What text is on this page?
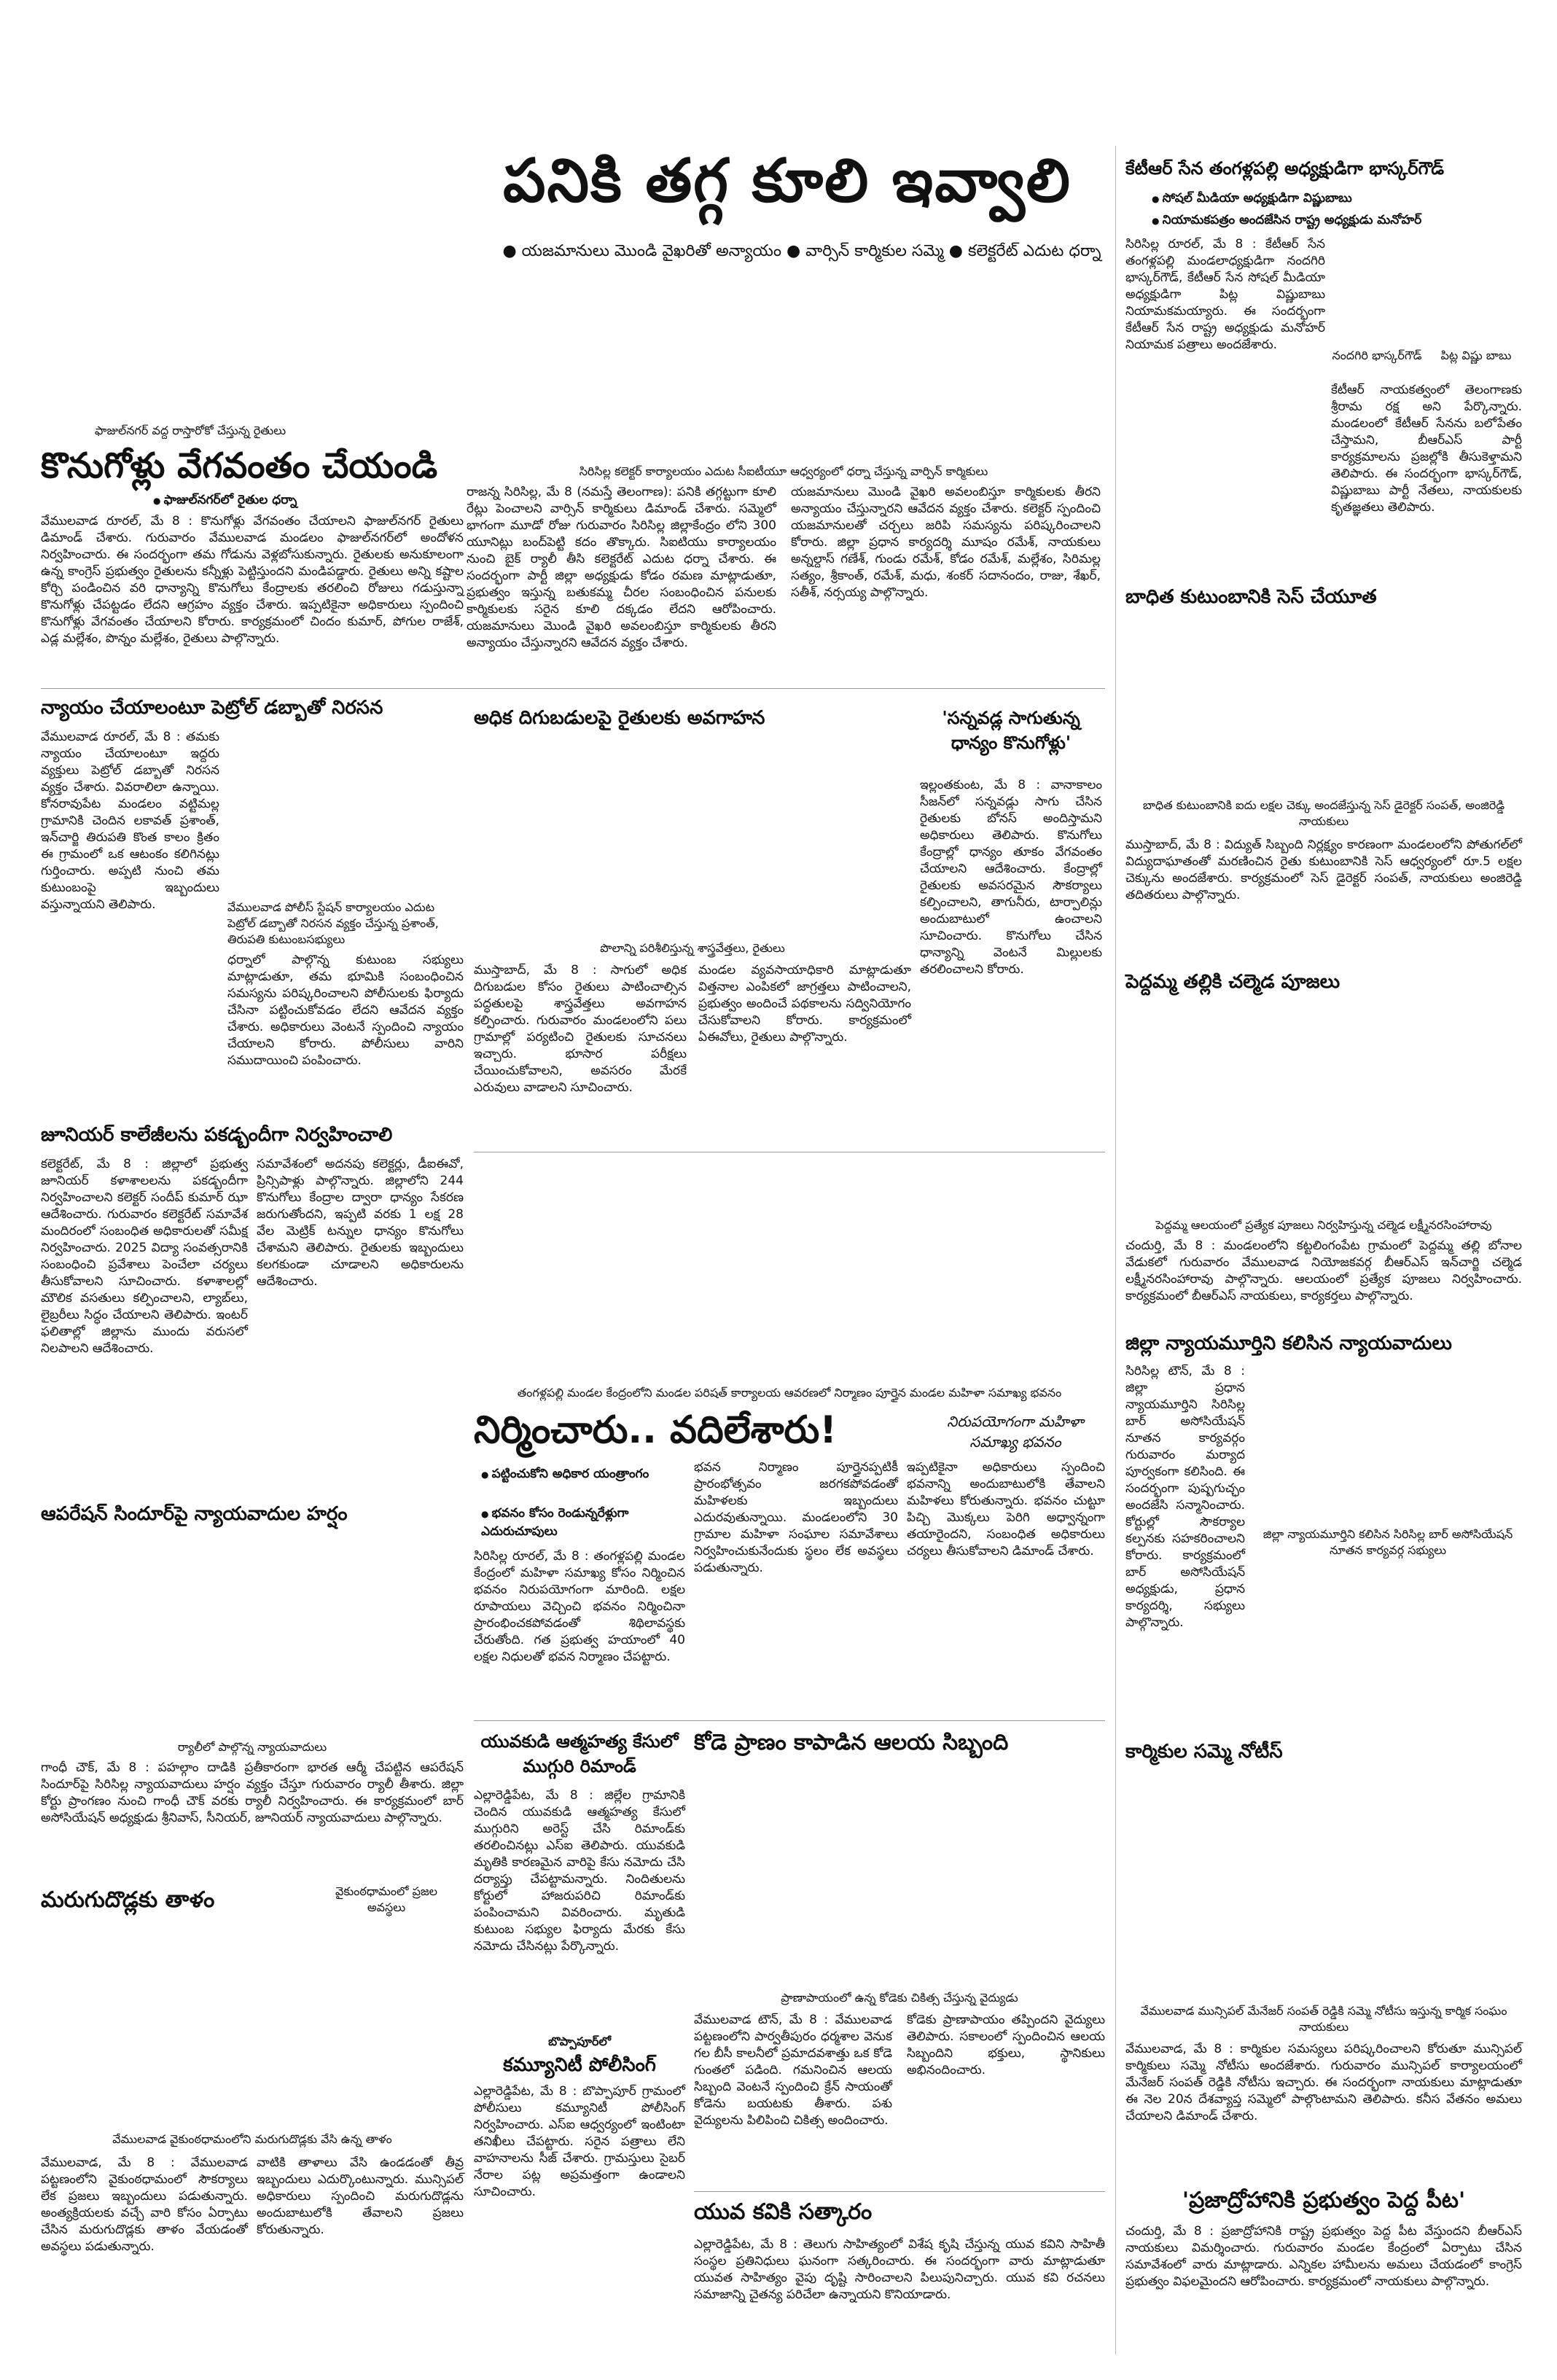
పనికి తగ్గ కూలి ఇవ్వాలి
● యజమానులు మొండి వైఖరితో అన్యాయం ● వార్సిన్ కార్మికుల సమ్మె ● కలెక్టరేట్ ఎదుట ధర్నా
సిరిసిల్ల కలెక్టర్ కార్యాలయం ఎదుట సీఐటీయూ ఆధ్వర్యంలో ధర్నా చేస్తున్న వార్పిన్ కార్మికులు
రాజన్న సిరిసిల్ల, మే 8 (నమస్తే తెలంగాణ): పనికి తగ్గట్టుగా కూలి రేట్లు పెంచాలని వార్సిన్ కార్మికులు డిమాండ్ చేశారు. సమ్మెలో భాగంగా మూడో రోజు గురువారం సిరిసిల్ల జిల్లాకేంద్రం లోని 300 యూనిట్లు బంద్‌పెట్టి కదం తొక్కారు. సిఐటియు కార్యాలయం నుంచి బైక్ ర్యాలీ తీసి కలెక్టరేట్ ఎదుట ధర్నా చేశారు. ఈ సందర్భంగా పార్టీ జిల్లా అధ్యక్షుడు కోడం రమణ మాట్లాడుతూ, ప్రభుత్వం ఇస్తున్న బతుకమ్మ చీరల సంబంధించిన పనులకు కార్మికులకు సరైన కూలి దక్కడం లేదని ఆరోపించారు. యజమానులు మొండి వైఖరి అవలంబిస్తూ కార్మికులకు తీరని అన్యాయం చేస్తున్నారని ఆవేదన వ్యక్తం చేశారు.
యజమానులు మొండి వైఖరి అవలంబిస్తూ కార్మికులకు తీరని అన్యాయం చేస్తున్నారని ఆవేదన వ్యక్తం చేశారు. కలెక్టర్ స్పందించి యజమానులతో చర్చలు జరిపి సమస్యను పరిష్కరించాలని కోరారు. జిల్లా ప్రధాన కార్యదర్శి మూషం రమేశ్, నాయకులు అన్నల్దాస్ గణేశ్, గుండు రమేశ్, కోడం రమేశ్, మల్లేశం, సిరిమల్ల సత్యం, శ్రీకాంత్, రమేశ్, మధు, శంకర్ సదానందం, రాజు, శేఖర్, సతీశ్, నర్సయ్య పాల్గొన్నారు.
ఫాజుల్‌నగర్‌ వద్ద రాస్తారోకో చేస్తున్న రైతులు
కొనుగోళ్లు వేగవంతం చేయండి
● ఫాజుల్‌నగర్‌లో రైతుల ధర్నా
వేములవాడ రూరల్, మే 8 : కొనుగోళ్లు వేగవంతం చేయాలని ఫాజుల్‌నగర్ రైతులు డిమాండ్ చేశారు. గురువారం వేములవాడ మండలం ఫాజుల్‌నగర్‌లో అందోళన నిర్వహించారు. ఈ సందర్భంగా తమ గోడును వెళ్లబోసుకున్నారు. రైతులకు అనుకూలంగా ఉన్న కాంగ్రెస్ ప్రభుత్వం రైతులను కన్నీళ్లు పెట్టిస్తుందని మండిపడ్డారు. రైతులు అన్ని కష్టాల కోర్చి పండించిన వరి ధాన్యాన్ని కొనుగోలు కేంద్రాలకు తరలించి రోజులు గడుస్తున్నా కొనుగోళ్లు చేపట్టడం లేదని ఆగ్రహం వ్యక్తం చేశారు. ఇప్పటికైనా అధికారులు స్పందించి కొనుగోళ్లు వేగవంతం చేయాలని కోరారు. కార్యక్రమంలో చిందం కుమార్, పోగుల రాజేశ్, ఎడ్ల మల్లేశం, పొన్నం మల్లేశం, రైతులు పాల్గొన్నారు.
న్యాయం చేయాలంటూ పెట్రోల్ డబ్బాతో నిరసన
వేములవాడ రూరల్, మే 8 : తమకు న్యాయం చేయాలంటూ ఇద్దరు వ్యక్తులు పెట్రోల్ డబ్బాతో నిరసన వ్యక్తం చేశారు. వివరాలిలా ఉన్నాయి. కోనరావుపేట మండలం వట్టిమల్ల గ్రామానికి చెందిన లకావత్ ప్రశాంత్, ఇన్‌చార్జి తిరుపతి కొంత కాలం క్రితం ఈ గ్రామంలో ఒక ఆటంకం కలిగినట్లు గుర్తించారు. అప్పటి నుంచి తమ కుటుంబంపై ఇబ్బందులు వస్తున్నాయని తెలిపారు.	వేములవాడ పోలీస్ స్టేషన్ కార్యాలయం ఎదుట పెట్రోల్ డబ్బాతో నిరసన వ్యక్తం చేస్తున్న ప్రశాంత్, తిరుపతి కుటుంబసభ్యులు
ధర్నాలో పాల్గొన్న కుటుంబ సభ్యులు మాట్లాడుతూ, తమ భూమికి సంబంధించిన సమస్యను పరిష్కరించాలని పోలీసులకు ఫిర్యాదు చేసినా పట్టించుకోవడం లేదని ఆవేదన వ్యక్తం చేశారు. అధికారులు వెంటనే స్పందించి న్యాయం చేయాలని కోరారు. పోలీసులు వారిని సముదాయించి పంపించారు.
జూనియర్ కాలేజీలను పకడ్బందీగా నిర్వహించాలి
కలెక్టరేట్, మే 8 : జిల్లాలో ప్రభుత్వ జూనియర్ కళాశాలలను పకడ్బందీగా నిర్వహించాలని కలెక్టర్ సందీప్ కుమార్ ఝా ఆదేశించారు. గురువారం కలెక్టరేట్ సమావేశ మందిరంలో సంబంధిత అధికారులతో సమీక్ష నిర్వహించారు. 2025 విద్యా సంవత్సరానికి సంబంధించి ప్రవేశాలు పెంచేలా చర్యలు తీసుకోవాలని సూచించారు. కళాశాలల్లో మౌలిక వసతులు కల్పించాలని, ల్యాబ్‌లు, లైబ్రరీలు సిద్ధం చేయాలని తెలిపారు. ఇంటర్ ఫలితాల్లో జిల్లాను ముందు వరుసలో నిలపాలని ఆదేశించారు.
సమావేశంలో అదనపు కలెక్టర్లు, డీఐఈవో, ప్రిన్సిపాళ్లు పాల్గొన్నారు. జిల్లాలోని 244 కొనుగోలు కేంద్రాల ద్వారా ధాన్యం సేకరణ జరుగుతోందని, ఇప్పటి వరకు 1 లక్ష 28 వేల మెట్రిక్ టన్నుల ధాన్యం కొనుగోలు చేశామని తెలిపారు. రైతులకు ఇబ్బందులు కలగకుండా చూడాలని అధికారులను ఆదేశించారు.
ఆపరేషన్ సిందూర్‌పై న్యాయవాదుల హర్షం
ర్యాలీలో పాల్గొన్న న్యాయవాదులు
గాంధీ చౌక్, మే 8 : పహల్గాం దాడికి ప్రతీకారంగా భారత ఆర్మీ చేపట్టిన ఆపరేషన్ సిందూర్‌పై సిరిసిల్ల న్యాయవాదులు హర్షం వ్యక్తం చేస్తూ గురువారం ర్యాలీ తీశారు. జిల్లా కోర్టు ప్రాంగణం నుంచి గాంధీ చౌక్ వరకు ర్యాలీ నిర్వహించారు. ఈ కార్యక్రమంలో బార్ అసోసియేషన్ అధ్యక్షుడు శ్రీనివాస్, సీనియర్, జూనియర్ న్యాయవాదులు పాల్గొన్నారు.
మరుగుదొడ్లకు తాళం	వైకుంఠధామంలో ప్రజల అవస్థలు
వేములవాడ వైకుంఠధామంలోని మరుగుదొడ్లకు వేసి ఉన్న తాళం
వేములవాడ, మే 8 : వేములవాడ పట్టణంలోని వైకుంఠధామంలో సౌకర్యాలు లేక ప్రజలు ఇబ్బందులు పడుతున్నారు. అంత్యక్రియలకు వచ్చే వారి కోసం ఏర్పాటు చేసిన మరుగుదొడ్లకు తాళం వేయడంతో అవస్థలు పడుతున్నారు.
వాటికి తాళాలు వేసి ఉండడంతో తీవ్ర ఇబ్బందులు ఎదుర్కొంటున్నారు. మున్సిపల్ అధికారులు స్పందించి మరుగుదొడ్లను అందుబాటులోకి తేవాలని ప్రజలు కోరుతున్నారు.
అధిక దిగుబడులపై రైతులకు అవగాహన
పొలాన్ని పరిశీలిస్తున్న శాస్త్రవేత్తలు, రైతులు
ముస్తాబాద్, మే 8 : సాగులో అధిక దిగుబడుల కోసం రైతులు పాటించాల్సిన పద్ధతులపై శాస్త్రవేత్తలు అవగాహన కల్పించారు. గురువారం మండలంలోని పలు గ్రామాల్లో పర్యటించి రైతులకు సూచనలు ఇచ్చారు. భూసార పరీక్షలు చేయించుకోవాలని, అవసరం మేరకే ఎరువులు వాడాలని సూచించారు.
మండల వ్యవసాయాధికారి మాట్లాడుతూ విత్తనాల ఎంపికలో జాగ్రత్తలు పాటించాలని, ప్రభుత్వం అందించే పథకాలను సద్వినియోగం చేసుకోవాలని కోరారు. కార్యక్రమంలో ఏఈవోలు, రైతులు పాల్గొన్నారు.
'సన్నవడ్ల సాగుతున్న ధాన్యం కొనుగోళ్లు'
ఇల్లంతకుంట, మే 8 : వానాకాలం సీజన్‌లో సన్నవడ్లు సాగు చేసిన రైతులకు బోనస్ అందిస్తామని అధికారులు తెలిపారు. కొనుగోలు కేంద్రాల్లో ధాన్యం తూకం వేగవంతం చేయాలని ఆదేశించారు. కేంద్రాల్లో రైతులకు అవసరమైన సౌకర్యాలు కల్పించాలని, తాగునీరు, టార్పాలిన్లు అందుబాటులో ఉంచాలని సూచించారు. కొనుగోలు చేసిన ధాన్యాన్ని వెంటనే మిల్లులకు తరలించాలని కోరారు.
తంగళ్లపల్లి మండల కేంద్రంలోని మండల పరిషత్ కార్యాలయ ఆవరణలో నిర్మాణం పూర్తైన మండల మహిళా సమాఖ్య భవనం
నిర్మించారు.. వదిలేశారు!	నిరుపయోగంగా మహిళా సమాఖ్య భవనం
● పట్టించుకోని అధికార యంత్రాంగం
● భవనం కోసం రెండున్నరేళ్లుగా ఎదురుచూపులు
సిరిసిల్ల రూరల్, మే 8 : తంగళ్లపల్లి మండల కేంద్రంలో మహిళా సమాఖ్య కోసం నిర్మించిన భవనం నిరుపయోగంగా మారింది. లక్షల రూపాయలు వెచ్చించి భవనం నిర్మించినా ప్రారంభించకపోవడంతో శిథిలావస్థకు చేరుతోంది. గత ప్రభుత్వ హయాంలో 40 లక్షల నిధులతో భవన నిర్మాణం చేపట్టారు.
భవన నిర్మాణం పూర్తైనప్పటికీ ప్రారంభోత్సవం జరగకపోవడంతో మహిళలకు ఇబ్బందులు ఎదురవుతున్నాయి. మండలంలోని 30 గ్రామాల మహిళా సంఘాల సమావేశాలు నిర్వహించుకునేందుకు స్థలం లేక అవస్థలు పడుతున్నారు.
ఇప్పటికైనా అధికారులు స్పందించి భవనాన్ని అందుబాటులోకి తేవాలని మహిళలు కోరుతున్నారు. భవనం చుట్టూ పిచ్చి మొక్కలు పెరిగి అధ్వాన్నంగా తయారైందని, సంబంధిత అధికారులు చర్యలు తీసుకోవాలని డిమాండ్ చేశారు.
యువకుడి ఆత్మహత్య కేసులో ముగ్గురి రిమాండ్
ఎల్లారెడ్డిపేట, మే 8 : జిల్లేల గ్రామానికి చెందిన యువకుడి ఆత్మహత్య కేసులో ముగ్గురిని అరెస్ట్ చేసి రిమాండ్‌కు తరలించినట్లు ఎస్ఐ తెలిపారు. యువకుడి మృతికి కారణమైన వారిపై కేసు నమోదు చేసి దర్యాప్తు చేపట్టామన్నారు. నిందితులను కోర్టులో హాజరుపరిచి రిమాండ్‌కు పంపించామని వివరించారు. మృతుడి కుటుంబ సభ్యుల ఫిర్యాదు మేరకు కేసు నమోదు చేసినట్లు పేర్కొన్నారు.
బొప్పాపూర్‌లో
కమ్యూనిటీ పోలీసింగ్
ఎల్లారెడ్డిపేట, మే 8 : బొప్పాపూర్ గ్రామంలో పోలీసులు కమ్యూనిటీ పోలీసింగ్ నిర్వహించారు. ఎస్ఐ ఆధ్వర్యంలో ఇంటింటా తనిఖీలు చేపట్టారు. సరైన పత్రాలు లేని వాహనాలను సీజ్ చేశారు. గ్రామస్తులు సైబర్ నేరాల పట్ల అప్రమత్తంగా ఉండాలని సూచించారు.
కోడె ప్రాణం కాపాడిన ఆలయ సిబ్బంది
ప్రాణాపాయంలో ఉన్న కోడెకు చికిత్స చేస్తున్న వైద్యుడు
వేములవాడ టౌన్, మే 8 : వేములవాడ పట్టణంలోని పార్వతీపురం ధర్మశాల వెనుక గల బీసీ కాలనీలో ప్రమాదవశాత్తు ఒక కోడె గుంతలో పడింది. గమనించిన ఆలయ సిబ్బంది వెంటనే స్పందించి క్రేన్ సాయంతో కోడెను బయటకు తీశారు. పశు వైద్యులను పిలిపించి చికిత్స అందించారు.
కోడెకు ప్రాణాపాయం తప్పిందని వైద్యులు తెలిపారు. సకాలంలో స్పందించిన ఆలయ సిబ్బందిని భక్తులు, స్థానికులు అభినందించారు.
యువ కవికి సత్కారం
ఎల్లారెడ్డిపేట, మే 8 : తెలుగు సాహిత్యంలో విశేష కృషి చేస్తున్న యువ కవిని సాహితీ సంస్థల ప్రతినిధులు ఘనంగా సత్కరించారు. ఈ సందర్భంగా వారు మాట్లాడుతూ యువత సాహిత్యం వైపు దృష్టి సారించాలని పిలుపునిచ్చారు. యువ కవి రచనలు సమాజాన్ని చైతన్య పరిచేలా ఉన్నాయని కొనియాడారు.
కేటీఆర్ సేన తంగళ్లపల్లి అధ్యక్షుడిగా భాస్కర్‌గౌడ్
● సోషల్ మీడియా అధ్యక్షుడిగా విష్ణుబాబు
● నియామకపత్రం అందజేసిన రాష్ట్ర అధ్యక్షుడు మనోహర్
సిరిసిల్ల రూరల్, మే 8 : కేటీఆర్ సేన తంగళ్లపల్లి మండలాధ్యక్షుడిగా నందగిరి భాస్కర్‌గౌడ్, కేటీఆర్ సేన సోషల్ మీడియా అధ్యక్షుడిగా పిట్ల విష్ణుబాబు నియామకమయ్యారు. ఈ సందర్భంగా కేటీఆర్ సేన రాష్ట్ర అధ్యక్షుడు మనోహర్ నియామక పత్రాలు అందజేశారు.
నందగిరి భాస్కర్‌గౌడ్	పిట్ల విష్ణు బాబు
కేటీఆర్ నాయకత్వంలో తెలంగాణకు శ్రీరామ రక్ష అని పేర్కొన్నారు. మండలంలో కేటీఆర్ సేనను బలోపేతం చేస్తామని, బీఆర్ఎస్ పార్టీ కార్యక్రమాలను ప్రజల్లోకి తీసుకెళ్తామని తెలిపారు. ఈ సందర్భంగా భాస్కర్‌గౌడ్, విష్ణుబాబు పార్టీ నేతలు, నాయకులకు కృతజ్ఞతలు తెలిపారు.
బాధిత కుటుంబానికి సెస్ చేయూత
బాధిత కుటుంబానికి ఐదు లక్షల చెక్కు అందజేస్తున్న సెస్ డైరెక్టర్ సంపత్, అంజిరెడ్డి నాయకులు
ముస్తాబాద్, మే 8 : విద్యుత్ సిబ్బంది నిర్లక్ష్యం కారణంగా మండలంలోని పోతుగల్‌లో విద్యుదాఘాతంతో మరణించిన రైతు కుటుంబానికి సెస్ ఆధ్వర్యంలో రూ.5 లక్షల చెక్కును అందజేశారు. కార్యక్రమంలో సెస్ డైరెక్టర్ సంపత్, నాయకులు అంజిరెడ్డి తదితరులు పాల్గొన్నారు.
పెద్దమ్మ తల్లికి చల్మెడ పూజలు
పెద్దమ్మ ఆలయంలో ప్రత్యేక పూజలు నిర్వహిస్తున్న చల్మెడ లక్ష్మీనరసింహారావు
చందుర్తి, మే 8 : మండలంలోని కట్టలింగంపేట గ్రామంలో పెద్దమ్మ తల్లి బోనాల వేడుకలో గురువారం వేములవాడ నియోజకవర్గ బీఆర్ఎస్ ఇన్‌చార్జి చల్మెడ లక్ష్మీనరసింహారావు పాల్గొన్నారు. ఆలయంలో ప్రత్యేక పూజలు నిర్వహించారు. కార్యక్రమంలో బీఆర్ఎస్ నాయకులు, కార్యకర్తలు పాల్గొన్నారు.
జిల్లా న్యాయమూర్తిని కలిసిన న్యాయవాదులు
జిల్లా న్యాయమూర్తిని కలిసిన సిరిసిల్ల బార్ అసోసియేషన్ నూతన కార్యవర్గ సభ్యులు
సిరిసిల్ల టౌన్, మే 8 : జిల్లా ప్రధాన న్యాయమూర్తిని సిరిసిల్ల బార్ అసోసియేషన్ నూతన కార్యవర్గం గురువారం మర్యాద పూర్వకంగా కలిసింది. ఈ సందర్భంగా పుష్పగుచ్ఛం అందజేసి సన్మానించారు. కోర్టుల్లో సౌకర్యాల కల్పనకు సహకరించాలని కోరారు. కార్యక్రమంలో బార్ అసోసియేషన్ అధ్యక్షుడు, ప్రధాన కార్యదర్శి, సభ్యులు పాల్గొన్నారు.
కార్మికుల సమ్మె నోటీస్
వేములవాడ మున్సిపల్ మేనేజర్ సంపత్ రెడ్డికి సమ్మె నోటీసు ఇస్తున్న కార్మిక సంఘం నాయకులు
వేములవాడ, మే 8 : కార్మికుల సమస్యలు పరిష్కరించాలని కోరుతూ మున్సిపల్ కార్మికులు సమ్మె నోటీసు అందజేశారు. గురువారం మున్సిపల్ కార్యాలయంలో మేనేజర్ సంపత్ రెడ్డికి నోటీసు ఇచ్చారు. ఈ సందర్భంగా నాయకులు మాట్లాడుతూ ఈ నెల 20న దేశవ్యాప్త సమ్మెలో పాల్గొంటామని తెలిపారు. కనీస వేతనం అమలు చేయాలని డిమాండ్ చేశారు.
'ప్రజాద్రోహానికి ప్రభుత్వం పెద్ద పీట'
చందుర్తి, మే 8 : ప్రజాద్రోహానికి రాష్ట్ర ప్రభుత్వం పెద్ద పీట వేస్తుందని బీఆర్ఎస్ నాయకులు విమర్శించారు. గురువారం మండల కేంద్రంలో ఏర్పాటు చేసిన సమావేశంలో వారు మాట్లాడారు. ఎన్నికల హామీలను అమలు చేయడంలో కాంగ్రెస్ ప్రభుత్వం విఫలమైందని ఆరోపించారు. కార్యక్రమంలో నాయకులు పాల్గొన్నారు.
